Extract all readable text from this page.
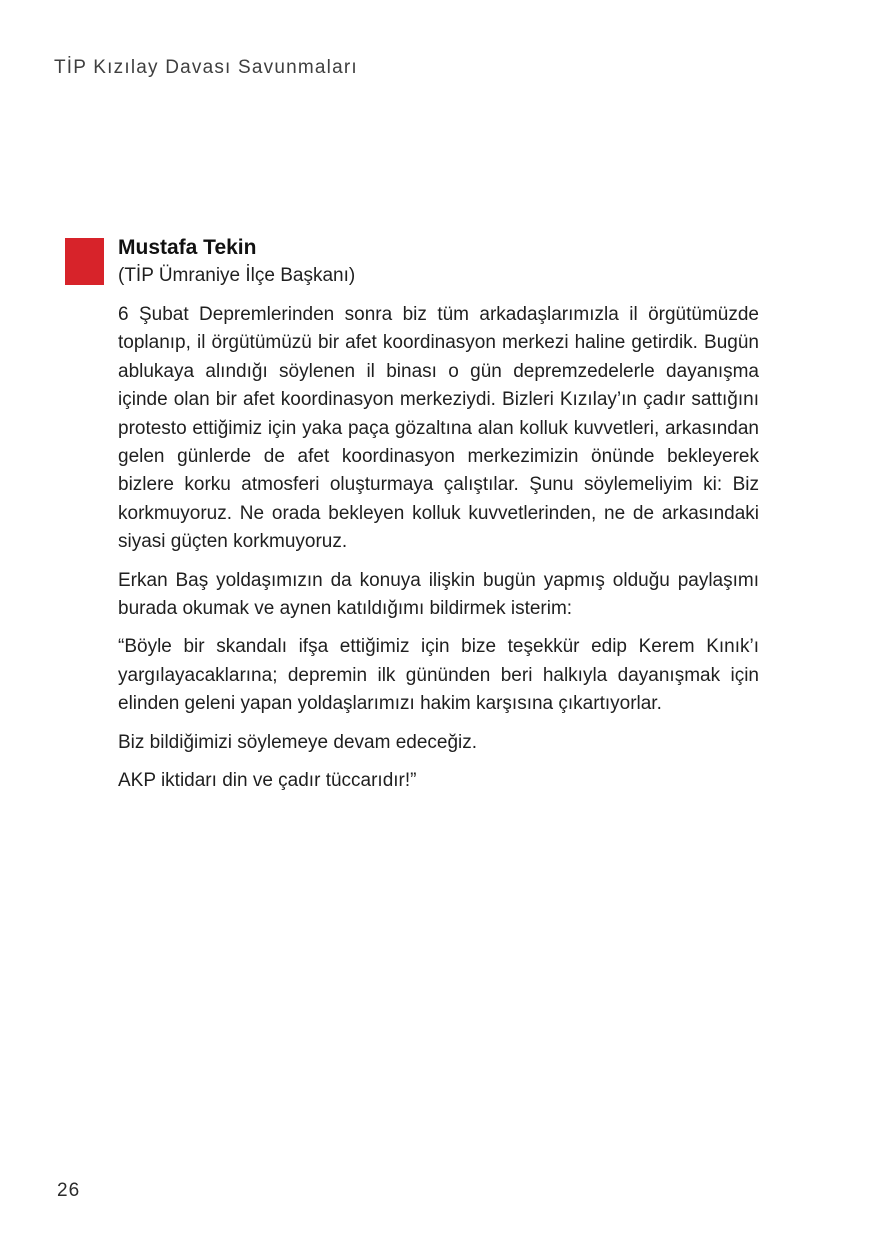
TİP Kızılay Davası Savunmaları
Mustafa Tekin
(TİP Ümraniye İlçe Başkanı)

6 Şubat Depremlerinden sonra biz tüm arkadaşlarımızla il örgütümüzde toplanıp, il örgütümüzü bir afet koordinasyon merkezi haline getirdik. Bugün ablukaya alındığı söylenen il binası o gün depremzedelerle dayanışma içinde olan bir afet koordinasyon merkeziydi. Bizleri Kızılay’ın çadır sattığını protesto ettiğimiz için yaka paça gözaltına alan kolluk kuvvetleri, arkasından gelen günlerde de afet koordinasyon merkezimizin önünde bekleyerek bizlere korku atmosferi oluşturmaya çalıştılar. Şunu söylemeliyim ki: Biz korkmuyoruz. Ne orada bekleyen kolluk kuvvetlerinden, ne de arkasındaki siyasi güçten korkmuyoruz.

Erkan Baş yoldaşımızın da konuya ilişkin bugün yapmış olduğu paylaşımı burada okumak ve aynen katıldığımı bildirmek isterim:

“Böyle bir skandalı ifşa ettiğimiz için bize teşekkür edip Kerem Kınık’ı yargılayacaklarına; depremin ilk gününden beri halkıyla dayanışmak için elinden geleni yapan yoldaşlarımızı hakim karşısına çıkartıyorlar.

Biz bildiğimizi söylemeye devam edeceğiz.

AKP iktidarı din ve çadır tüccarıdır!”

26
